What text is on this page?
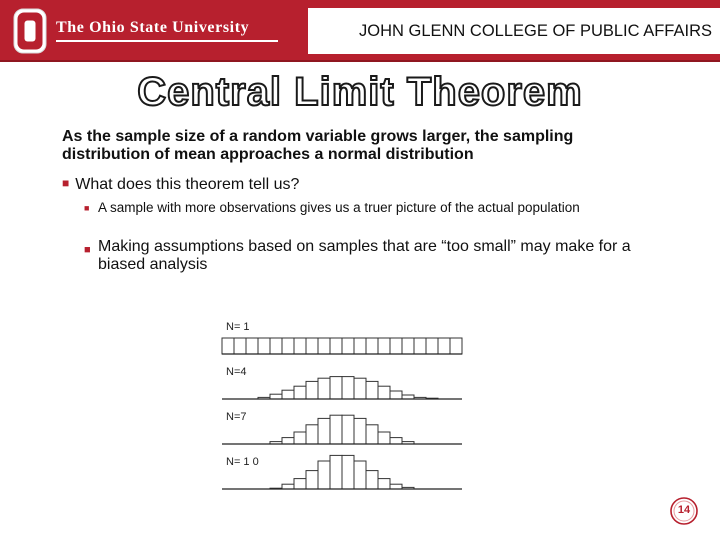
The Ohio State University	JOHN GLENN COLLEGE OF PUBLIC AFFAIRS
Central Limit Theorem
As the sample size of a random variable grows larger, the sampling distribution of mean approaches a normal distribution
■ What does this theorem tell us?
■ A sample with more observations gives us a truer picture of the actual population
■ Making assumptions based on samples that are “too small” may make for a biased analysis
N= 1
N=4
N=7
N= 1 0
14
